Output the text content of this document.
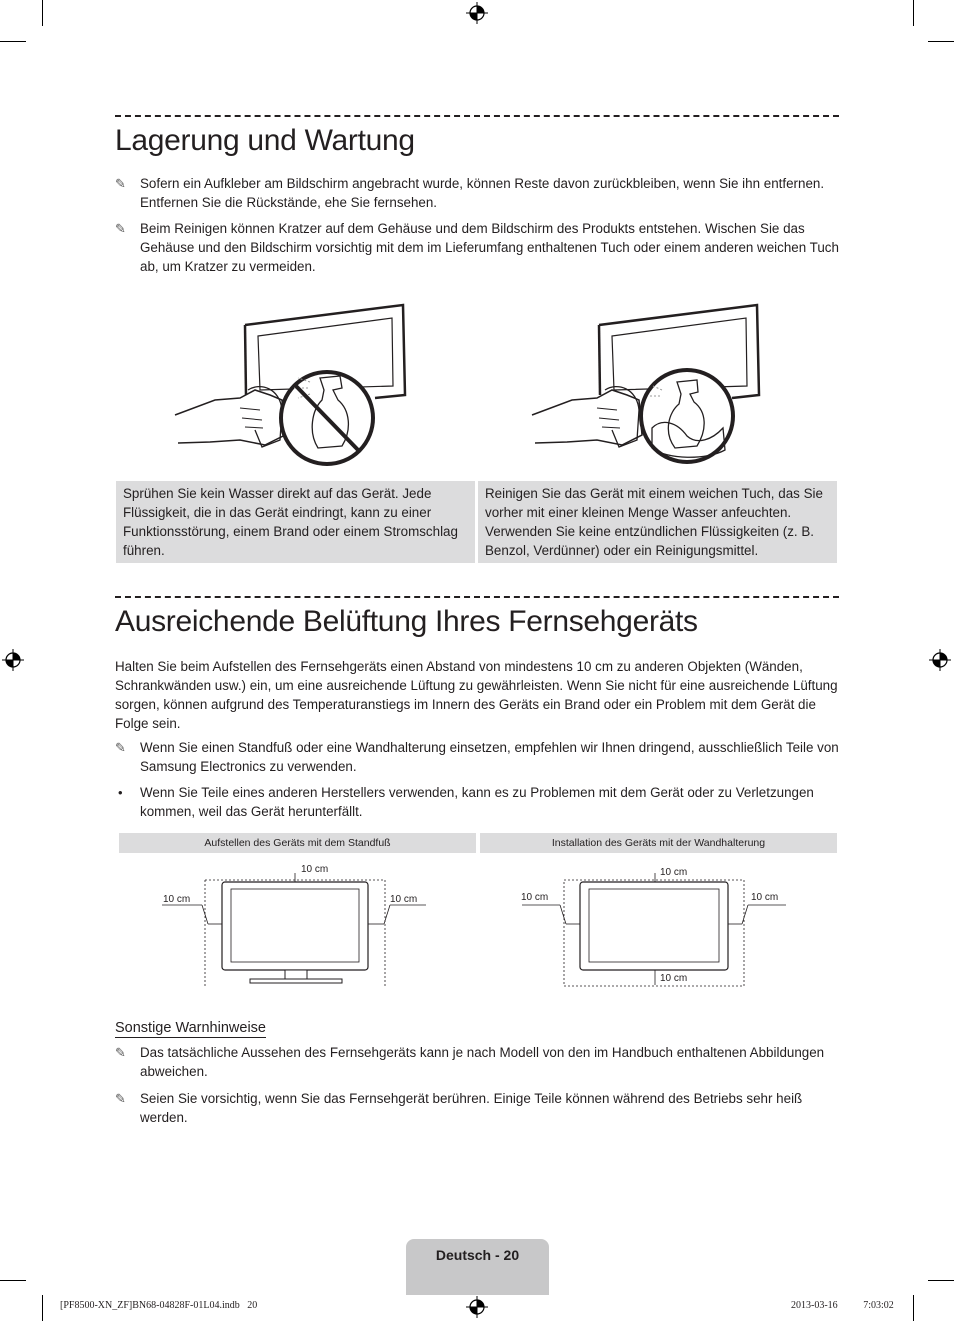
Lagerung und Wartung
✎ Sofern ein Aufkleber am Bildschirm angebracht wurde, können Reste davon zurückbleiben, wenn Sie ihn entfernen. Entfernen Sie die Rückstände, ehe Sie fernsehen.
✎ Beim Reinigen können Kratzer auf dem Gehäuse und dem Bildschirm des Produkts entstehen. Wischen Sie das Gehäuse und den Bildschirm vorsichtig mit dem im Lieferumfang enthaltenen Tuch oder einem anderen weichen Tuch ab, um Kratzer zu vermeiden.
Sprühen Sie kein Wasser direkt auf das Gerät. Jede Flüssigkeit, die in das Gerät eindringt, kann zu einer Funktionsstörung, einem Brand oder einem Stromschlag führen.
Reinigen Sie das Gerät mit einem weichen Tuch, das Sie vorher mit einer kleinen Menge Wasser anfeuchten. Verwenden Sie keine entzündlichen Flüssigkeiten (z. B. Benzol, Verdünner) oder ein Reinigungsmittel.
Ausreichende Belüftung Ihres Fernsehgeräts
Halten Sie beim Aufstellen des Fernsehgeräts einen Abstand von mindestens 10 cm zu anderen Objekten (Wänden, Schrankwänden usw.) ein, um eine ausreichende Lüftung zu gewährleisten. Wenn Sie nicht für eine ausreichende Lüftung sorgen, können aufgrund des Temperaturanstiegs im Innern des Geräts ein Brand oder ein Problem mit dem Gerät die Folge sein.
✎ Wenn Sie einen Standfuß oder eine Wandhalterung einsetzen, empfehlen wir Ihnen dringend, ausschließlich Teile von Samsung Electronics zu verwenden.
• Wenn Sie Teile eines anderen Herstellers verwenden, kann es zu Problemen mit dem Gerät oder zu Verletzungen kommen, weil das Gerät herunterfällt.
Aufstellen des Geräts mit dem Standfuß	Installation des Geräts mit der Wandhalterung
10 cm
10 cm	10 cm
10 cm
10 cm	10 cm
10 cm
Sonstige Warnhinweise
✎ Das tatsächliche Aussehen des Fernsehgeräts kann je nach Modell von den im Handbuch enthaltenen Abbildungen abweichen.
✎ Seien Sie vorsichtig, wenn Sie das Fernsehgerät berühren. Einige Teile können während des Betriebs sehr heiß werden.
Deutsch - 20
[PF8500-XN_ZF]BN68-04828F-01L04.indb   20	2013-03-16   ￿￿ 7:03:02
